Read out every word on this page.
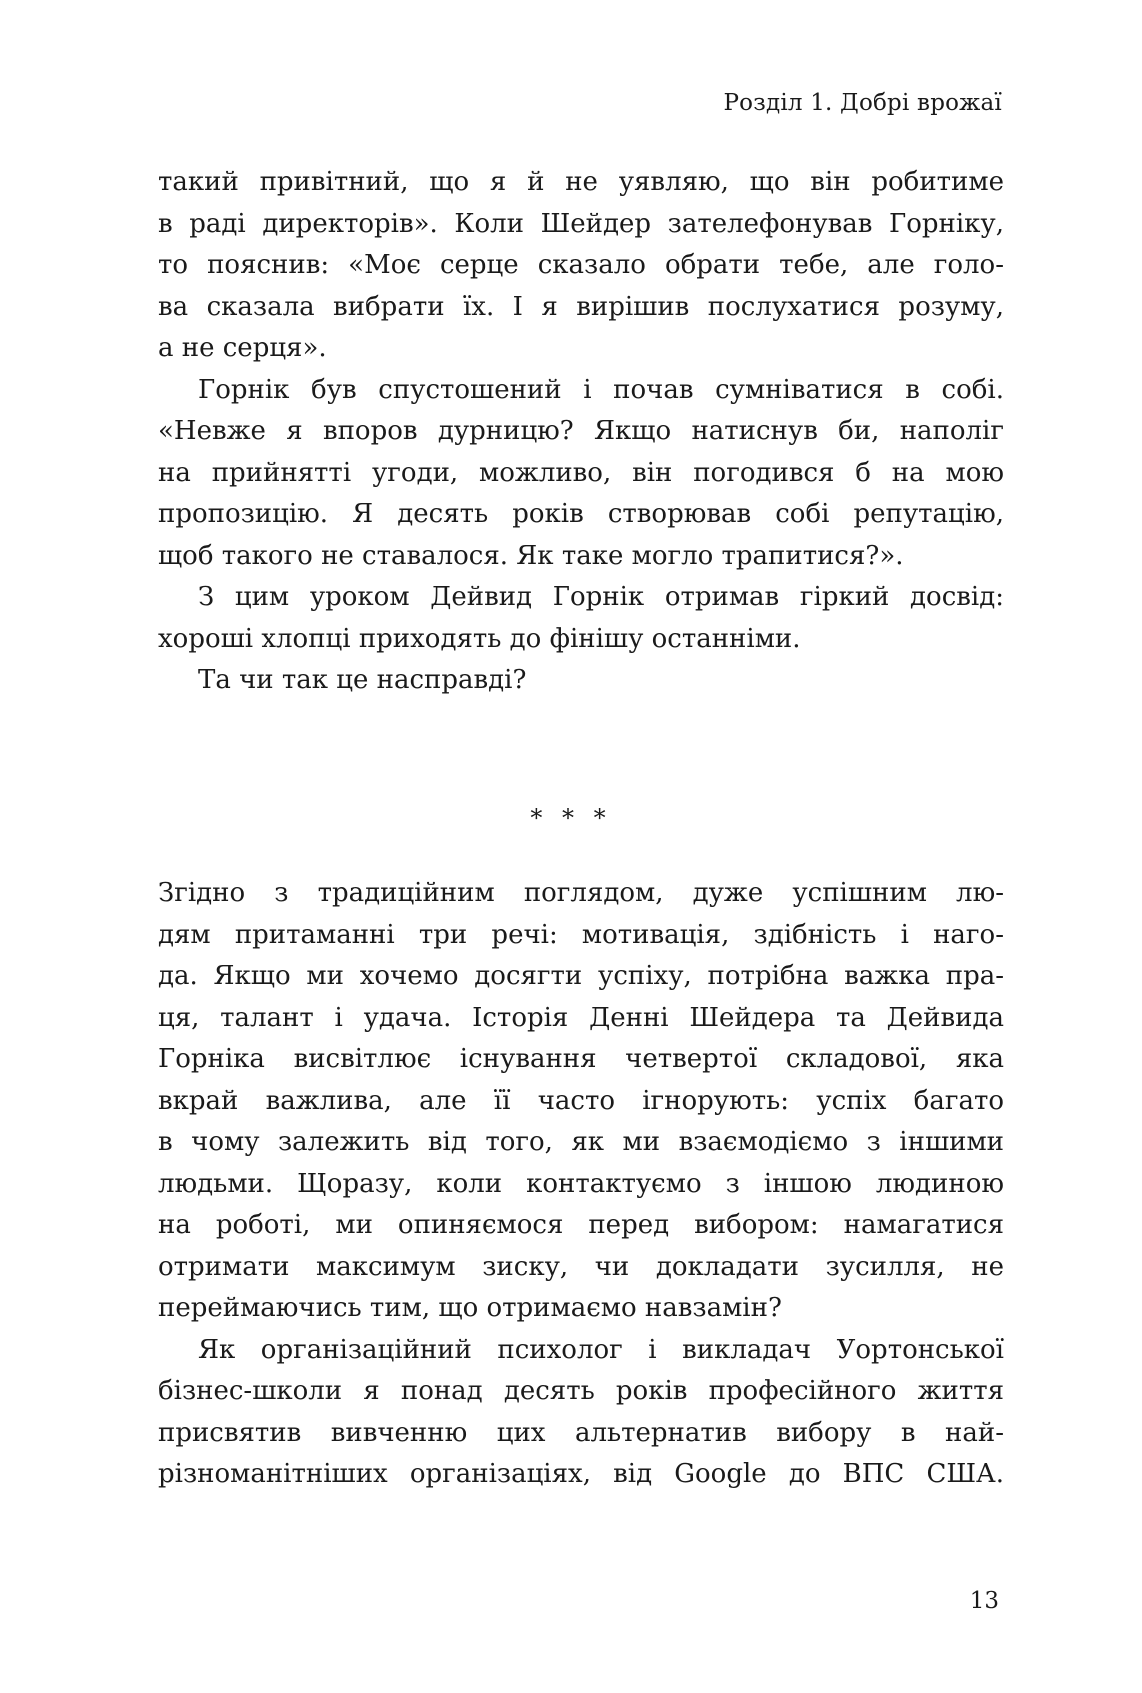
Розділ 1. Добрі врожаї
такий привітний, що я й не уявляю, що він робитиме
в раді директорів». Коли Шейдер зателефонував Горніку,
то пояснив: «Моє серце сказало обрати тебе, але голо-
ва сказала вибрати їх. І я вирішив послухатися розуму,
а не серця».
Горнік був спустошений і почав сумніватися в собі.
«Невже я впоров дурницю? Якщо натиснув би, наполіг
на прийнятті угоди, можливо, він погодився б на мою
пропозицію. Я десять років створював собі репутацію,
щоб такого не ставалося. Як таке могло трапитися?».
З цим уроком Дейвид Горнік отримав гіркий досвід:
хороші хлопці приходять до фінішу останніми.
Та чи так це насправді?
* * *
Згідно з традиційним поглядом, дуже успішним лю-
дям притаманні три речі: мотивація, здібність і наго-
да. Якщо ми хочемо досягти успіху, потрібна важка пра-
ця, талант і удача. Історія Денні Шейдера та Дейвида
Горніка висвітлює існування четвертої складової, яка
вкрай важлива, але її часто ігнорують: успіх багато
в чому залежить від того, як ми взаємодіємо з іншими
людьми. Щоразу, коли контактуємо з іншою людиною
на роботі, ми опиняємося перед вибором: намагатися
отримати максимум зиску, чи докладати зусилля, не
переймаючись тим, що отримаємо навзамін?
Як організаційний психолог і викладач Уортонської
бізнес-школи я понад десять років професійного життя
присвятив вивченню цих альтернатив вибору в най-
різноманітніших організаціях, від Google до ВПС США.
13
